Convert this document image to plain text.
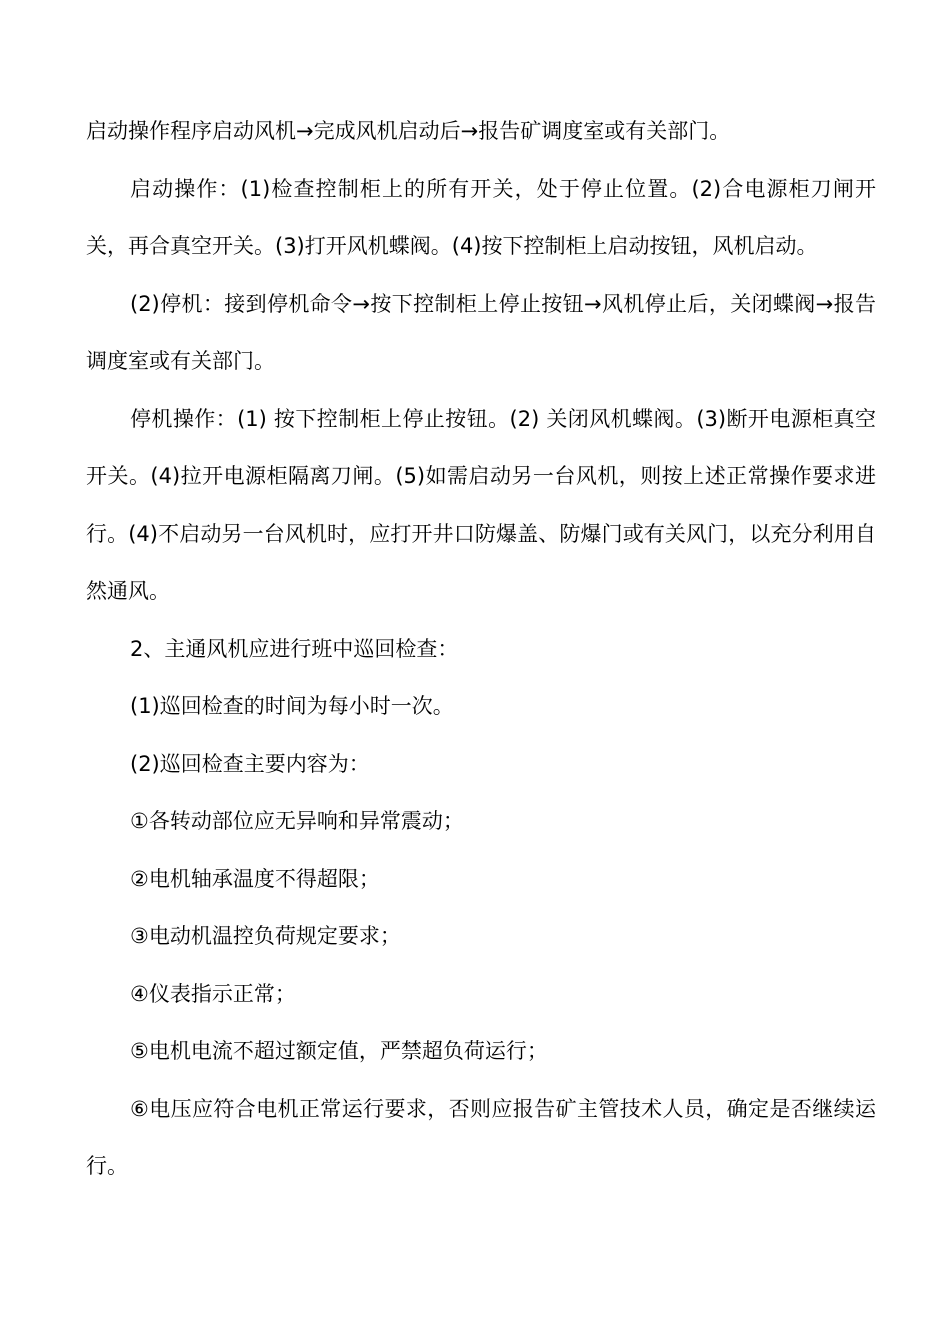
启动操作程序启动风机→完成风机启动后→报告矿调度室或有关部门。

启动操作：(1)检查控制柜上的所有开关，处于停止位置。(2)合电源柜刀闸开关，再合真空开关。(3)打开风机蝶阀。(4)按下控制柜上启动按钮，风机启动。

(2)停机：接到停机命令→按下控制柜上停止按钮→风机停止后，关闭蝶阀→报告调度室或有关部门。

停机操作：(1) 按下控制柜上停止按钮。(2) 关闭风机蝶阀。(3)断开电源柜真空开关。(4)拉开电源柜隔离刀闸。(5)如需启动另一台风机，则按上述正常操作要求进行。(4)不启动另一台风机时，应打开井口防爆盖、防爆门或有关风门，以充分利用自然通风。

2、主通风机应进行班中巡回检查：

(1)巡回检查的时间为每小时一次。

(2)巡回检查主要内容为：

①各转动部位应无异响和异常震动；

②电机轴承温度不得超限；

③电动机温控负荷规定要求；

④仪表指示正常；

⑤电机电流不超过额定值，严禁超负荷运行；

⑥电压应符合电机正常运行要求，否则应报告矿主管技术人员，确定是否继续运行。
